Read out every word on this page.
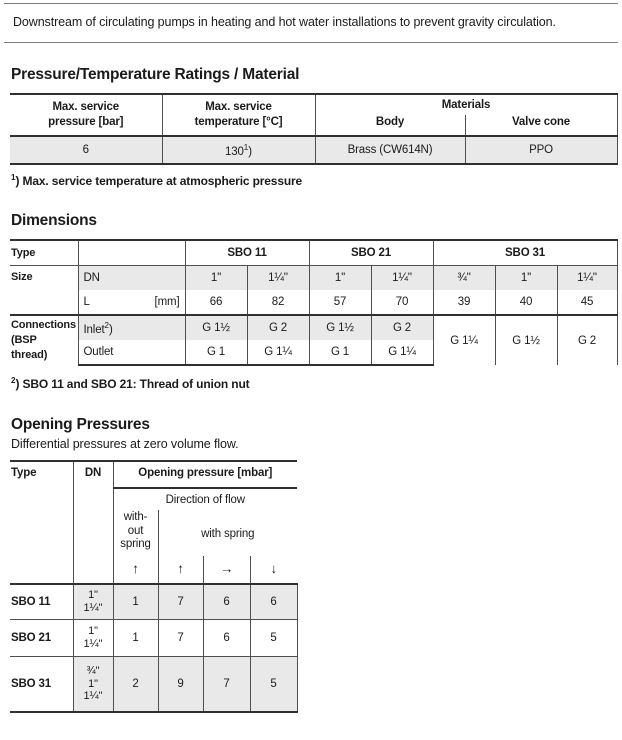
Downstream of circulating pumps in heating and hot water installations to prevent gravity circulation.

Pressure/Temperature Ratings / Material
Max. service
pressure [bar]	Max. service
temperature [°C]	Materials	
		Body	Valve cone
6	$130^1$)	Brass (CW614N)	PPO

$^1$) Max. service temperature at atmospheric pressure

Dimensions
Type		SBO 11		SBO 21		SBO 31		
Size	DN	1''	1¼''	1''	1¼''	¾''	1''	1¼''

	L [mm]	66	82	57	70	39	40	45

Connections
(BSP thread)	Inlet$^2$)	G 1½	G 2	G 1½	G 2	G 1¼	G 1½	G 2
	Outlet	G 1	G 1¼	G 1	G 1¼			

$^2$) SBO 11 and SBO 21: Thread of union nut

Opening Pressures

Differential pressures at zero volume flow.

Type	DN	Opening pressure [mbar]			
		Direction of flow			

		with-
out
spring	with spring		
		↑	↑	→	↓
SBO 11	1''
1¼''	1	7	6	6
SBO 21	1''
1¼''	1	7	6	5
SBO 31	¾''
1''
1¼''	2	9	7	5
